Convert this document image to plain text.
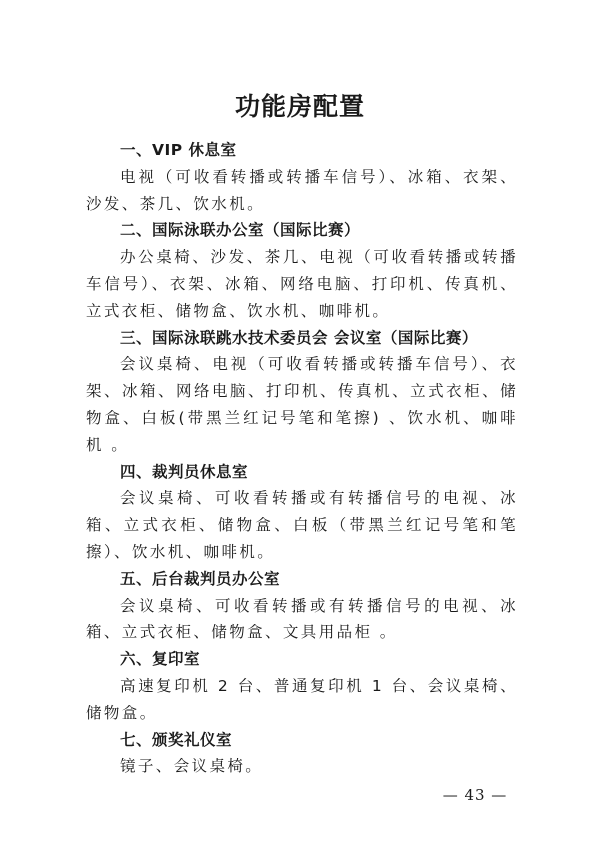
功能房配置

一、VIP 休息室

电视（可收看转播或转播车信号）、冰箱、衣架、沙发、茶几、饮水机。

二、国际泳联办公室（国际比赛）

办公桌椅、沙发、茶几、电视（可收看转播或转播车信号）、衣架、冰箱、网络电脑、打印机、传真机、立式衣柜、储物盒、饮水机、咖啡机。

三、国际泳联跳水技术委员会 会议室（国际比赛）

会议桌椅、电视（可收看转播或转播车信号）、衣架、冰箱、网络电脑、打印机、传真机、立式衣柜、储物盒、白板(带黑兰红记号笔和笔擦) 、饮水机、咖啡机 。

四、裁判员休息室

会议桌椅、可收看转播或有转播信号的电视、冰箱、立式衣柜、储物盒、白板（带黑兰红记号笔和笔擦）、饮水机、咖啡机。

五、后台裁判员办公室

会议桌椅、可收看转播或有转播信号的电视、冰箱、立式衣柜、储物盒、文具用品柜 。

六、复印室

高速复印机 2 台、普通复印机 1 台、会议桌椅、储物盒。

七、颁奖礼仪室

镜子、会议桌椅。

— 43 —
